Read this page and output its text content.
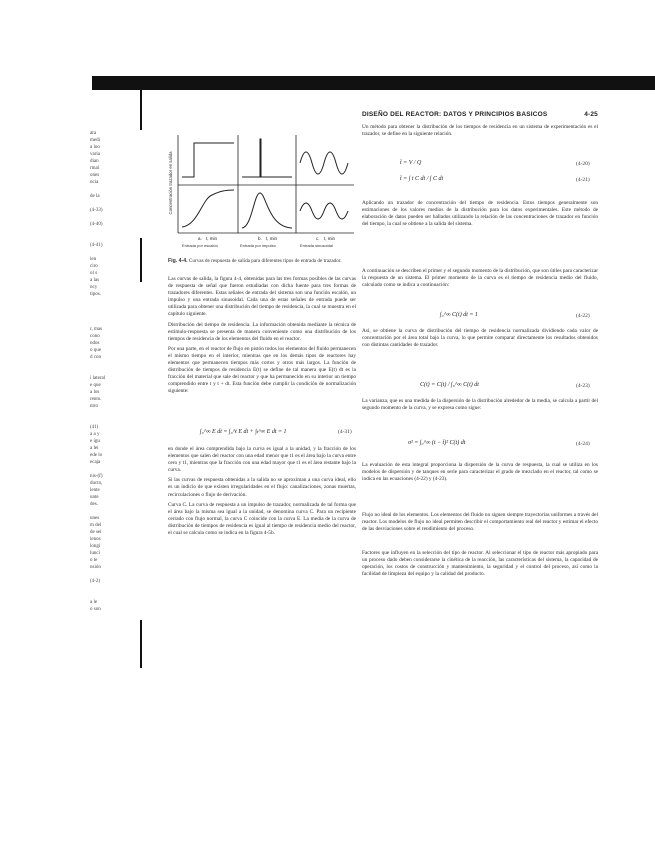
ara
medi
a loo
varia
dian
rmal
ones
ncia

de la

(4-33)

(4-40)

(4-41)

ien
ciro
ol s
a las
ncy
tipos.

r, mas
cono
ndos
o que
d con

i lateral
e que
a los
rento.
ntro

(41)
a a y
e igu
a lei
ede lo
ecaja

nis-(f)
ducto,
lente
unte
des.

unes
m del
de sei
ienos
longi
lunci
o te
nsión

(4-2)

a le
o son
DISEÑO DEL REACTOR: DATOS Y PRINCIPIOS BASICOS	4-25
Concentración trazador en salida
a. t, min	b. t, min	c. t, min
Entrada por escalón	Entrada por impulso	Entrada sinusoidal
Fig. 4-4. Curvas de respuesta de salida para diferentes tipos de entrada de trazador.

Las curvas de salida, la figura 4-4, obtenidas para las tres formas posibles de las curvas de respuesta de señal que fueron estudiadas con dicha fuente para tres formas de trazadores diferentes. Estas señales de entrada del sistema son una función escalón, un impulso y una entrada sinusoidal. Cada una de estas señales de entrada puede ser utilizada para obtener una distribución del tiempo de residencia, la cual se muestra en el capítulo siguiente.

Distribución del tiempo de residencia. La información obtenida mediante la técnica de estímulo-respuesta se presenta de manera conveniente como una distribución de los tiempos de residencia de los elementos del fluido en el reactor.

Por una parte, en el reactor de flujo en pistón todos los elementos del fluido permanecen el mismo tiempo en el interior, mientras que en los demás tipos de reactores hay elementos que permanecen tiempos más cortos y otros más largos. La función de distribución de tiempos de residencia E(t) se define de tal manera que E(t) dt es la fracción del material que sale del reactor y que ha permanecido en su interior un tiempo comprendido entre t y t + dt. Esta función debe cumplir la condición de normalización siguiente:

∫₀^∞ E dt = ∫₀^t E dt + ∫ₜ^∞ E dt = 1	(4-31)

en donde el área comprendida bajo la curva es igual a la unidad, y la fracción de los elementos que salen del reactor con una edad menor que t1 es el área bajo la curva entre cero y t1, mientras que la fracción con una edad mayor que t1 es el área restante bajo la curva.

Si las curvas de respuesta obtenidas a la salida no se aproximan a una curva ideal, ello es un indicio de que existen irregularidades en el flujo: canalizaciones, zonas muertas, recirculaciones o flujo de derivación.

Curva C. La curva de respuesta a un impulso de trazador, normalizada de tal forma que el área bajo la misma sea igual a la unidad, se denomina curva C. Para un recipiente cerrado con flujo normal, la curva C coincide con la curva E. La media de la curva de distribución de tiempos de residencia es igual al tiempo de residencia medio del reactor, el cual se calcula como se indica en la figura 4-5b.

Un método para obtener la distribución de los tiempos de residencia en un sistema de experimentación es el trazador, se define en la siguiente relación.

t̄ = V / Q	(4-20)
t̄ = ∫ t C dt / ∫ C dt	(4-21)

Aplicando un trazador de concentración del tiempo de residencia. Estos tiempos generalmente son estimaciones de los valores medios de la distribución para los datos experimentales. Este método de elaboración de datos pueden ser hallados utilizando la relación de las concentraciones de trazador en función del tiempo, la cual se obtiene a la salida del sistema.

A continuación se describen el primer y el segundo momento de la distribución, que son útiles para caracterizar la respuesta de un sistema. El primer momento de la curva es el tiempo de residencia medio del fluido, calculado como se indica a continuación:

∫₀^∞ C(t) dt = 1	(4-22)

Así, se obtiene la curva de distribución del tiempo de residencia normalizada dividiendo cada valor de concentración por el área total bajo la curva, lo que permite comparar directamente los resultados obtenidos con distintas cantidades de trazador.

C(t) = C(t) / ∫₀^∞ C(t) dt	(4-23)

La varianza, que es una medida de la dispersión de la distribución alrededor de la media, se calcula a partir del segundo momento de la curva, y se expresa como sigue:

σ² = ∫₀^∞ (t − t̄)² C(t) dt	(4-24)

La evaluación de esta integral proporciona la dispersión de la curva de respuesta, la cual se utiliza en los modelos de dispersión y de tanques en serie para caracterizar el grado de mezclado en el reactor, tal como se indica en las ecuaciones (4-22) y (4-23).

Flujo no ideal de los elementos. Los elementos del fluido no siguen siempre trayectorias uniformes a través del reactor. Los modelos de flujo no ideal permiten describir el comportamiento real del reactor y estimar el efecto de las desviaciones sobre el rendimiento del proceso.

Factores que influyen en la selección del tipo de reactor. Al seleccionar el tipo de reactor más apropiado para un proceso dado deben considerarse la cinética de la reacción, las características del sistema, la capacidad de operación, los costos de construcción y mantenimiento, la seguridad y el control del proceso, así como la facilidad de limpieza del equipo y la calidad del producto.
